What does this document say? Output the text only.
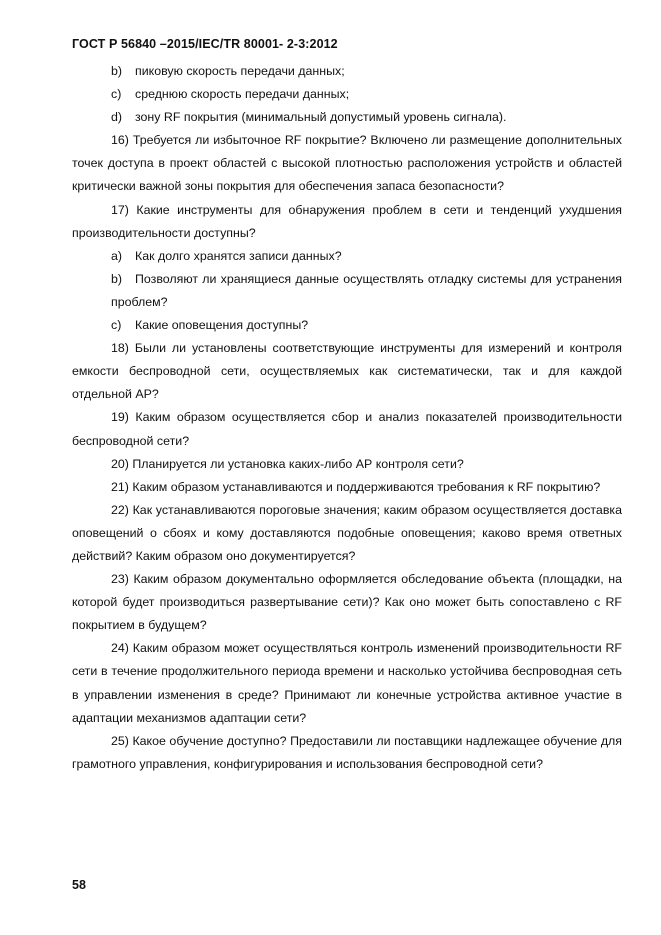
ГОСТ Р 56840 –2015/IEC/TR 80001- 2-3:2012
b) пиковую скорость передачи данных;
c) среднюю скорость передачи данных;
d) зону RF покрытия (минимальный допустимый уровень сигнала).

16) Требуется ли избыточное RF покрытие? Включено ли размещение дополнительных точек доступа в проект областей с высокой плотностью расположения устройств и областей критически важной зоны покрытия для обеспечения запаса безопасности?

17) Какие инструменты для обнаружения проблем в сети и тенденций ухудшения производительности доступны?

a) Как долго хранятся записи данных?
b) Позволяют ли хранящиеся данные осуществлять отладку системы для устранения проблем?
c) Какие оповещения доступны?

18) Были ли установлены соответствующие инструменты для измерений и контроля емкости беспроводной сети, осуществляемых как систематически, так и для каждой отдельной АР?

19) Каким образом осуществляется сбор и анализ показателей производительности беспроводной сети?

20) Планируется ли установка каких-либо АР контроля сети?

21) Каким образом устанавливаются и поддерживаются требования к RF покрытию?

22) Как устанавливаются пороговые значения; каким образом осуществляется доставка оповещений о сбоях и кому доставляются подобные оповещения; каково время ответных действий? Каким образом оно документируется?

23) Каким образом документально оформляется обследование объекта (площадки, на которой будет производиться развертывание сети)? Как оно может быть сопоставлено с RF покрытием в будущем?

24) Каким образом может осуществляться контроль изменений производительности RF сети в течение продолжительного периода времени и насколько устойчива беспроводная сеть в управлении изменения в среде? Принимают ли конечные устройства активное участие в адаптации механизмов адаптации сети?

25) Какое обучение доступно? Предоставили ли поставщики надлежащее обучение для грамотного управления, конфигурирования и использования беспроводной сети?

58
